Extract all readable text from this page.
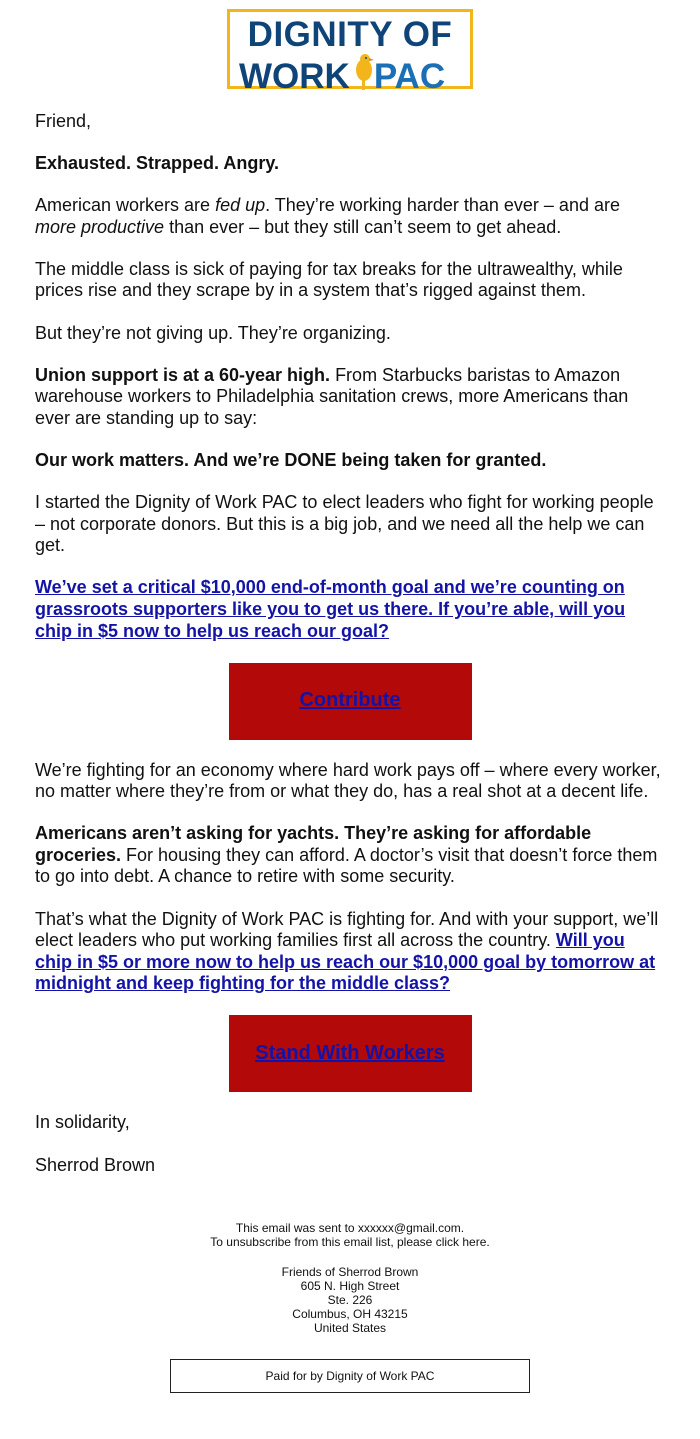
DIGNITY OF
WORK PAC

Friend,

Exhausted. Strapped. Angry.

American workers are fed up. They’re working harder than ever – and are more productive than ever – but they still can’t seem to get ahead.

The middle class is sick of paying for tax breaks for the ultrawealthy, while prices rise and they scrape by in a system that’s rigged against them.

But they’re not giving up. They’re organizing.

Union support is at a 60-year high. From Starbucks baristas to Amazon warehouse workers to Philadelphia sanitation crews, more Americans than ever are standing up to say:

Our work matters. And we’re DONE being taken for granted.

I started the Dignity of Work PAC to elect leaders who fight for working people – not corporate donors. But this is a big job, and we need all the help we can get.

We’ve set a critical $10,000 end-of-month goal and we’re counting on grassroots supporters like you to get us there. If you’re able, will you chip in $5 now to help us reach our goal?

Contribute

We’re fighting for an economy where hard work pays off – where every worker, no matter where they’re from or what they do, has a real shot at a decent life.

Americans aren’t asking for yachts. They’re asking for affordable groceries. For housing they can afford. A doctor’s visit that doesn’t force them to go into debt. A chance to retire with some security.

That’s what the Dignity of Work PAC is fighting for. And with your support, we’ll elect leaders who put working families first all across the country. Will you chip in $5 or more now to help us reach our $10,000 goal by tomorrow at midnight and keep fighting for the middle class?

Stand With Workers

In solidarity,

Sherrod Brown

This email was sent to xxxxxx@gmail.com.
To unsubscribe from this email list, please click here.

Friends of Sherrod Brown
605 N. High Street
Ste. 226
Columbus, OH 43215
United States

Paid for by Dignity of Work PAC
